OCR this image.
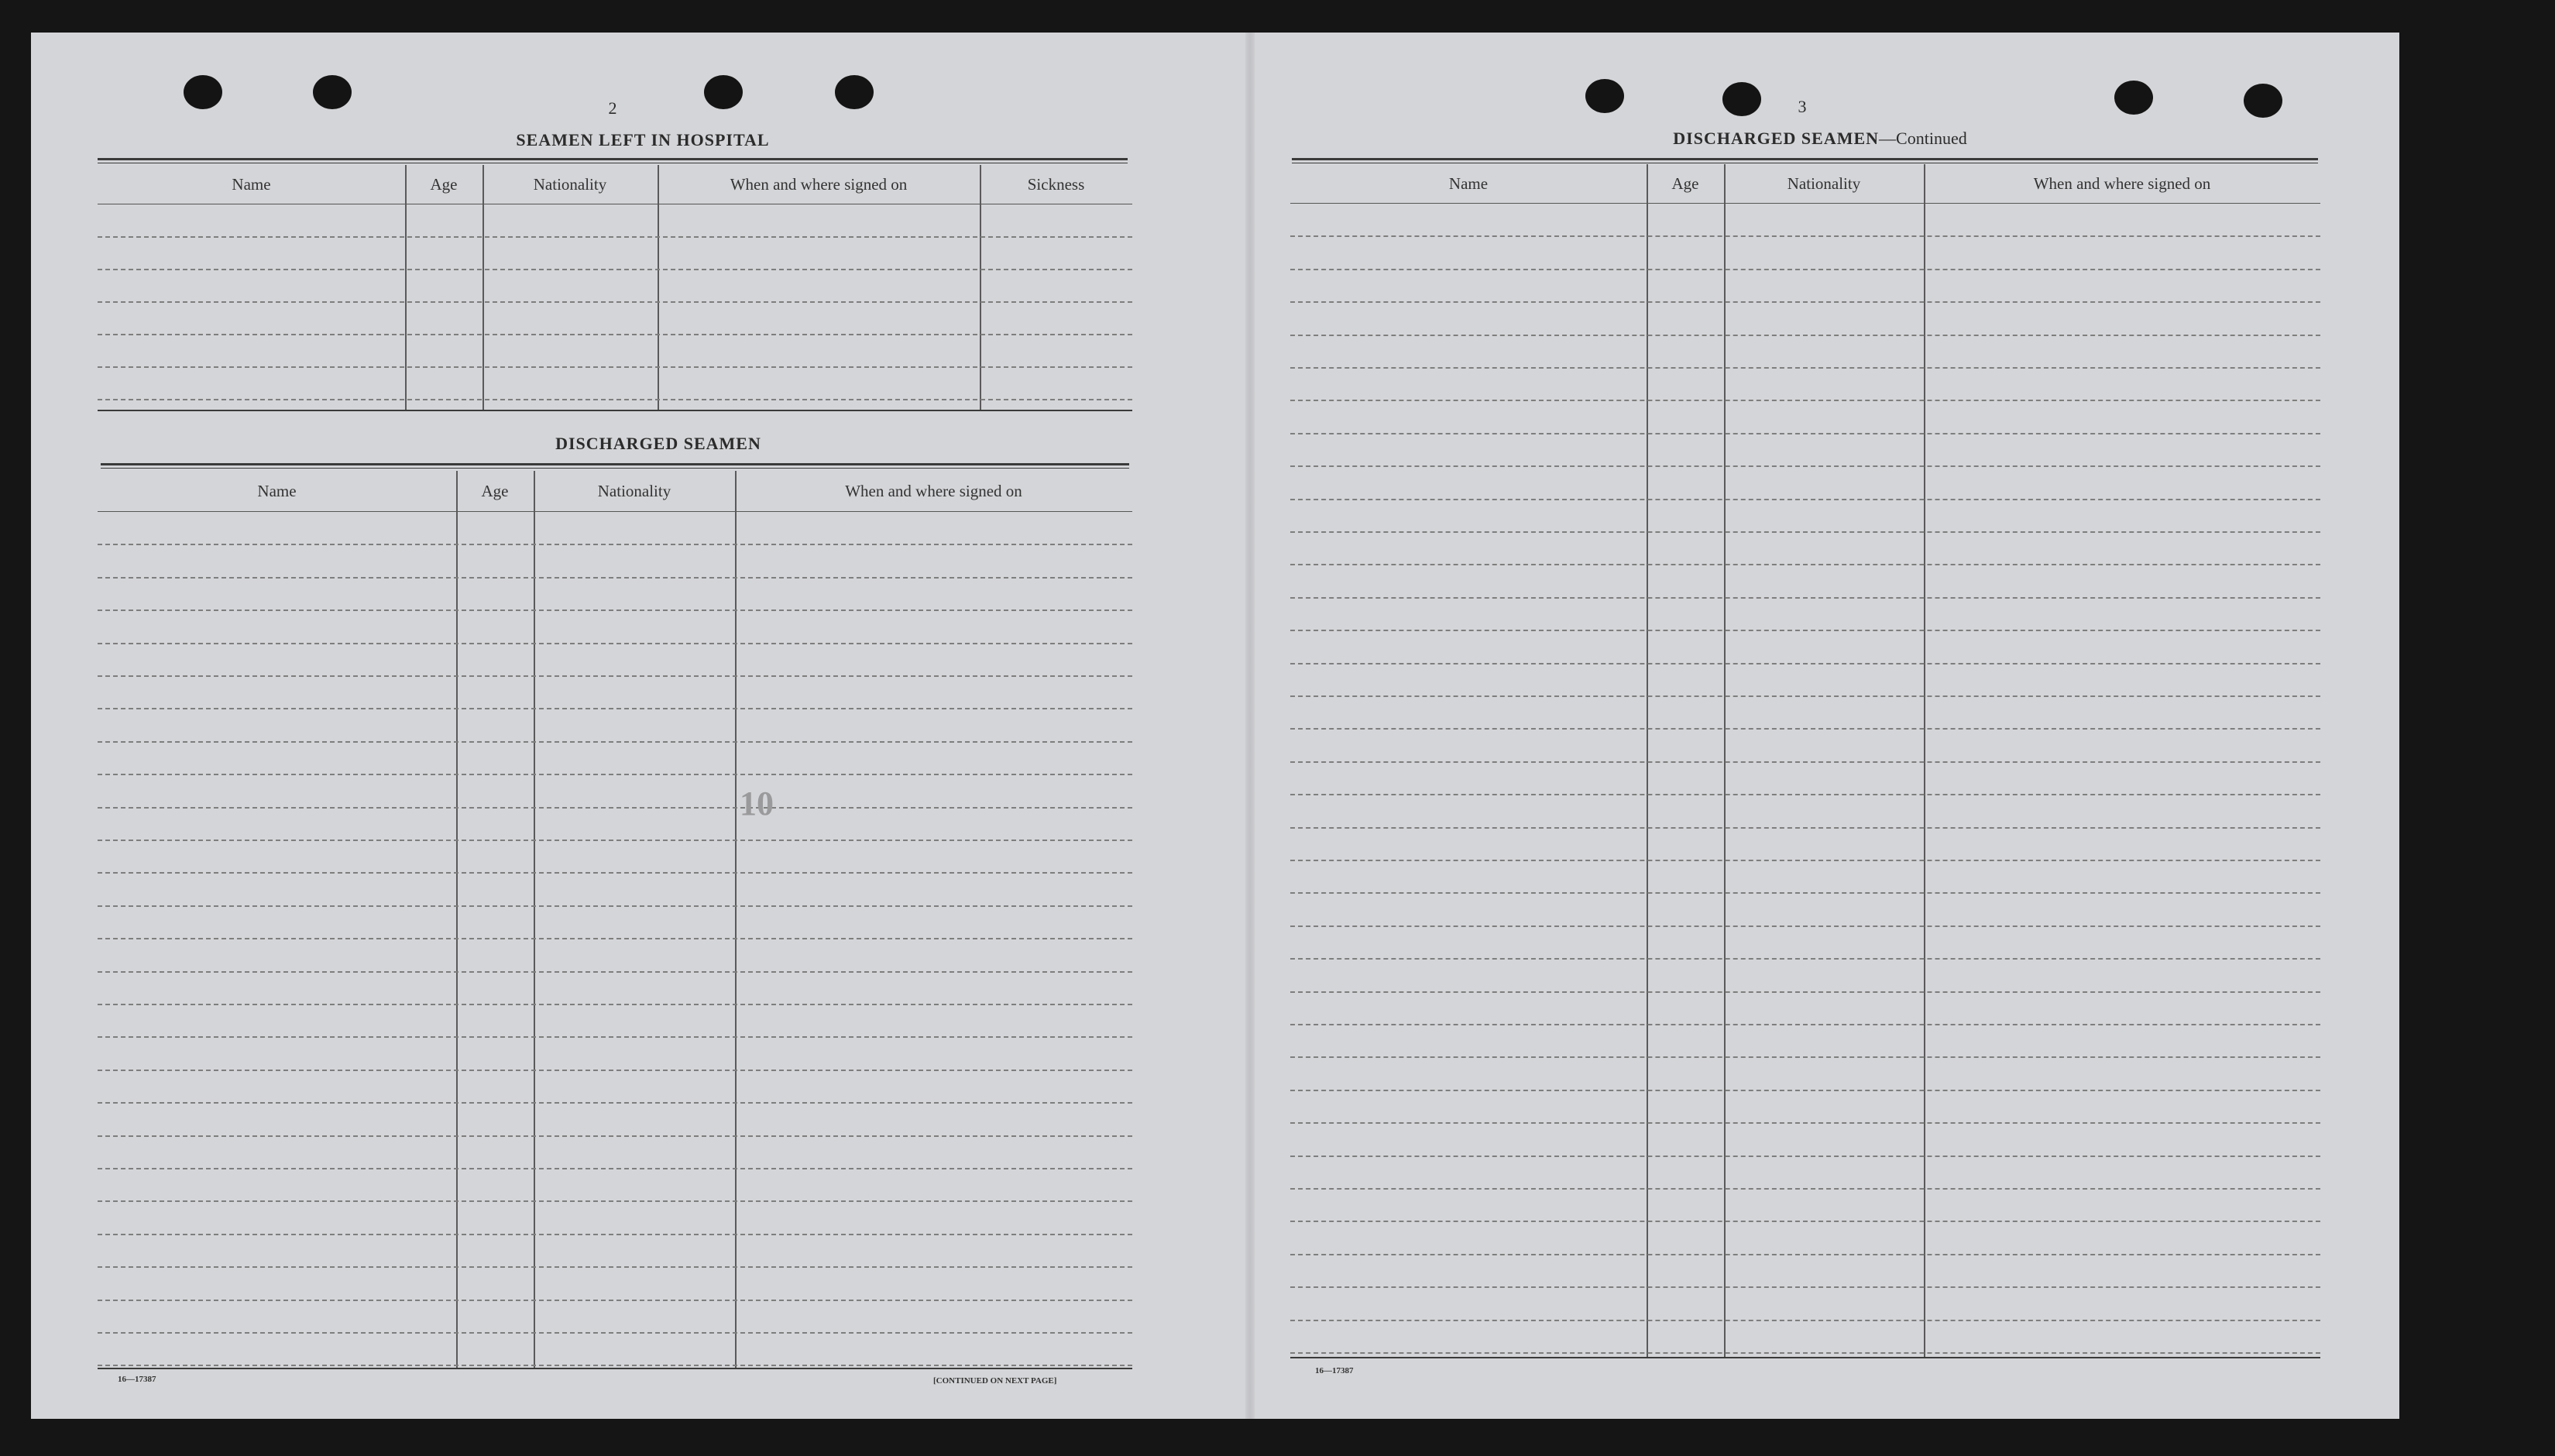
2
SEAMEN LEFT IN HOSPITAL
Name	Age	Nationality	When and where signed on	Sickness
DISCHARGED SEAMEN
Name	Age	Nationality	When and where signed on
10
16—17387	[CONTINUED ON NEXT PAGE]
3
DISCHARGED SEAMEN—Continued
Name	Age	Nationality	When and where signed on
16—17387
